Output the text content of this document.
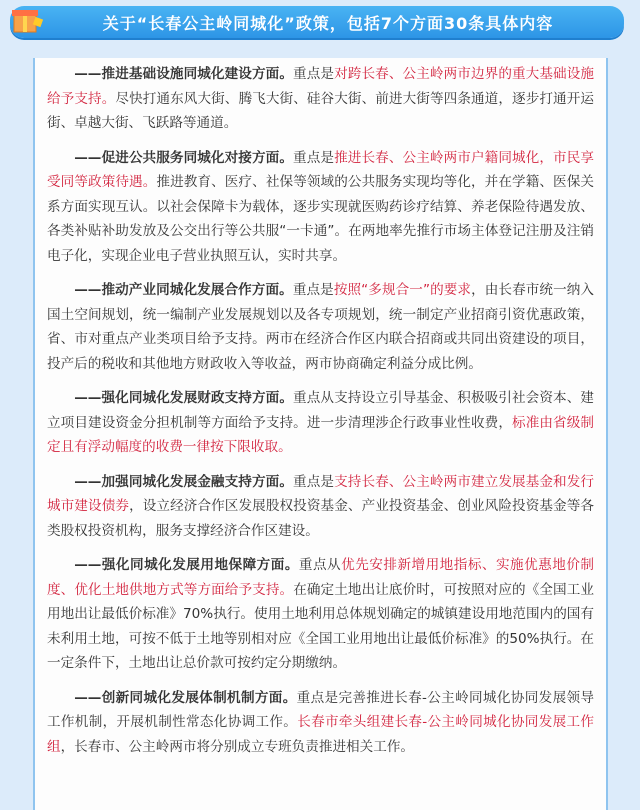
关于“长春公主岭同城化”政策，包括7个方面30条具体内容

——推进基础设施同城化建设方面。重点是对跨长春、公主岭两市边界的重大基础设施给予支持。尽快打通东风大街、腾飞大街、硅谷大街、前进大街等四条通道，逐步打通开运街、卓越大街、飞跃路等通道。

——促进公共服务同城化对接方面。重点是推进长春、公主岭两市户籍同城化，市民享受同等政策待遇。推进教育、医疗、社保等领域的公共服务实现均等化，并在学籍、医保关系方面实现互认。以社会保障卡为载体，逐步实现就医购药诊疗结算、养老保险待遇发放、各类补贴补助发放及公交出行等公共服“一卡通”。在两地率先推行市场主体登记注册及注销电子化，实现企业电子营业执照互认，实时共享。

——推动产业同城化发展合作方面。重点是按照“多规合一”的要求，由长春市统一纳入国土空间规划，统一编制产业发展规划以及各专项规划，统一制定产业招商引资优惠政策，省、市对重点产业类项目给予支持。两市在经济合作区内联合招商或共同出资建设的项目，投产后的税收和其他地方财政收入等收益，两市协商确定利益分成比例。

——强化同城化发展财政支持方面。重点从支持设立引导基金、积极吸引社会资本、建立项目建设资金分担机制等方面给予支持。进一步清理涉企行政事业性收费，标准由省级制定且有浮动幅度的收费一律按下限收取。

——加强同城化发展金融支持方面。重点是支持长春、公主岭两市建立发展基金和发行城市建设债券，设立经济合作区发展股权投资基金、产业投资基金、创业风险投资基金等各类股权投资机构，服务支撑经济合作区建设。

——强化同城化发展用地保障方面。重点从优先安排新增用地指标、实施优惠地价制度、优化土地供地方式等方面给予支持。在确定土地出让底价时，可按照对应的《全国工业用地出让最低价标准》70%执行。使用土地利用总体规划确定的城镇建设用地范围内的国有未利用土地，可按不低于土地等别相对应《全国工业用地出让最低价标准》的50%执行。在一定条件下，土地出让总价款可按约定分期缴纳。

——创新同城化发展体制机制方面。重点是完善推进长春-公主岭同城化协同发展领导工作机制，开展机制性常态化协调工作。长春市牵头组建长春-公主岭同城化协同发展工作组，长春市、公主岭两市将分别成立专班负责推进相关工作。
